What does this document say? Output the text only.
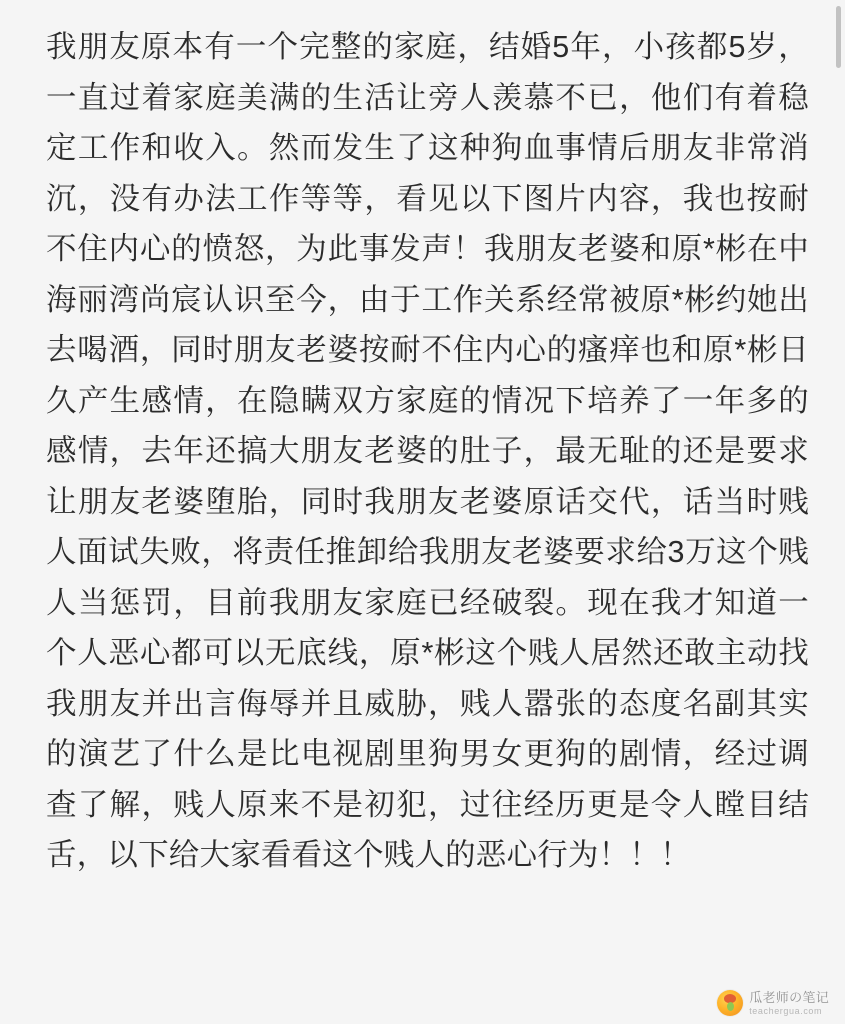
我朋友原本有一个完整的家庭，结婚5年，小孩都5岁，一直过着家庭美满的生活让旁人羡慕不已，他们有着稳定工作和收入。然而发生了这种狗血事情后朋友非常消沉，没有办法工作等等，看见以下图片内容，我也按耐不住内心的愤怒，为此事发声！我朋友老婆和原*彬在中海丽湾尚宸认识至今，由于工作关系经常被原*彬约她出去喝酒，同时朋友老婆按耐不住内心的瘙痒也和原*彬日久产生感情，在隐瞒双方家庭的情况下培养了一年多的感情，去年还搞大朋友老婆的肚子，最无耻的还是要求让朋友老婆堕胎，同时我朋友老婆原话交代，话当时贱人面试失败，将责任推卸给我朋友老婆要求给3万这个贱人当惩罚，目前我朋友家庭已经破裂。现在我才知道一个人恶心都可以无底线，原*彬这个贱人居然还敢主动找我朋友并出言侮辱并且威胁，贱人嚣张的态度名副其实的演艺了什么是比电视剧里狗男女更狗的剧情，经过调查了解，贱人原来不是初犯，过往经历更是令人瞠目结舌，以下给大家看看这个贱人的恶心行为！！！

瓜老师の笔记
teachergua.com
